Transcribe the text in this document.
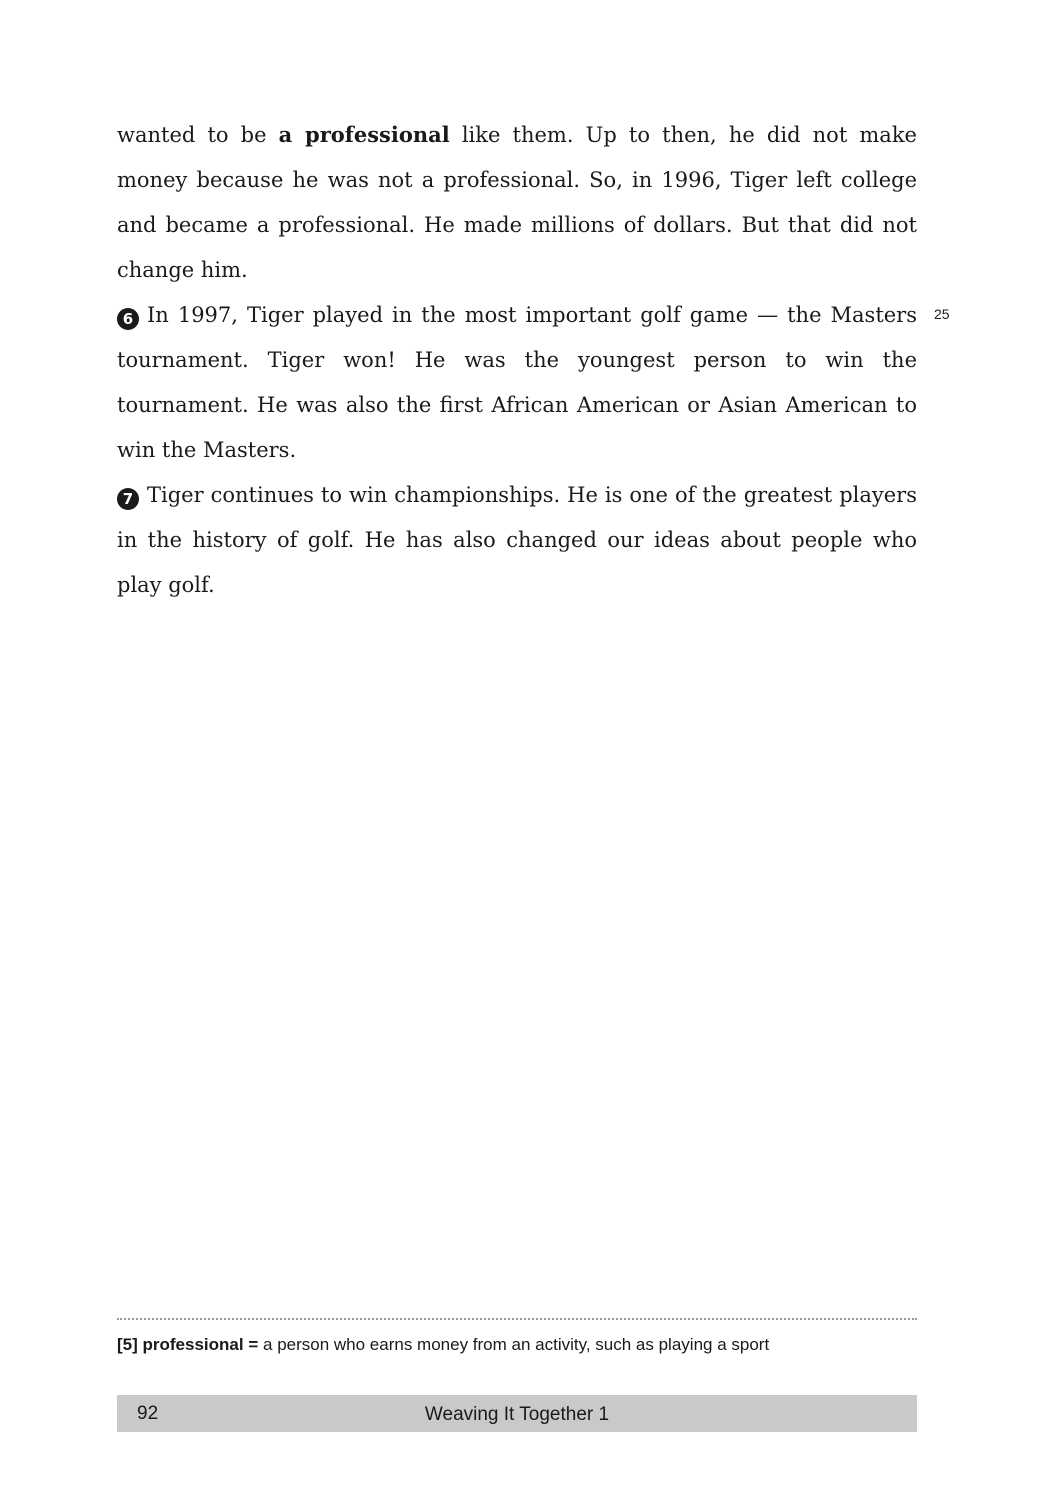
wanted to be a professional like them. Up to then, he did not make money because he was not a professional. So, in 1996, Tiger left college and became a professional. He made millions of dollars. But that did not change him.

6 In 1997, Tiger played in the most important golf game — the Masters tournament. Tiger won! He was the youngest person to win the tournament. He was also the first African American or Asian American to win the Masters.

7 Tiger continues to win championships. He is one of the greatest players in the history of golf. He has also changed our ideas about people who play golf.

25
[5] professional = a person who earns money from an activity, such as playing a sport
92	Weaving It Together 1
